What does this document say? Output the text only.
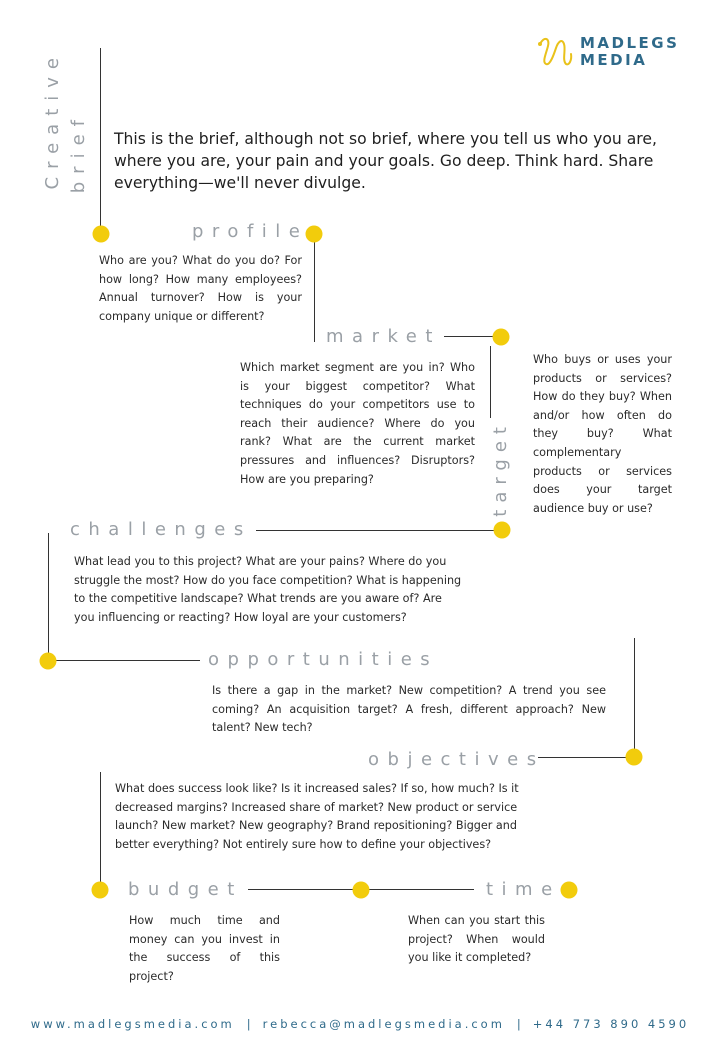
MADLEGS
MEDIA
Creative brief This is the brief, although not so brief, where you tell us who you are, where you are, your pain and your goals. Go deep. Think hard. Share everything—we'll never divulge.
profile
Who are you? What do you do? For how long? How many employees? Annual turnover? How is your company unique or different?
market
Which market segment are you in? Who is your biggest competitor? What techniques do your competitors use to reach their audience? Where do you rank? What are the current market pressures and influences? Disruptors? How are you preparing?	target
Who buys or uses your products or services? How do they buy? When and/or how often do they buy? What complementary products or services does your target audience buy or use?
challenges
What lead you to this project? What are your pains? Where do you struggle the most? How do you face competition? What is happening to the competitive landscape? What trends are you aware of? Are you influencing or reacting? How loyal are your customers?
opportunities
Is there a gap in the market? New competition? A trend you see coming? An acquisition target? A fresh, different approach? New talent? New tech?
objectives
What does success look like? Is it increased sales? If so, how much? Is it decreased margins? Increased share of market? New product or service launch? New market? New geography? Brand repositioning? Bigger and better everything? Not entirely sure how to define your objectives?
budget
How much time and money can you invest in the success of this project?
time
When can you start this project? When would you like it completed?
www.madlegsmedia.com | rebecca@madlegsmedia.com | +44 773 890 4590
